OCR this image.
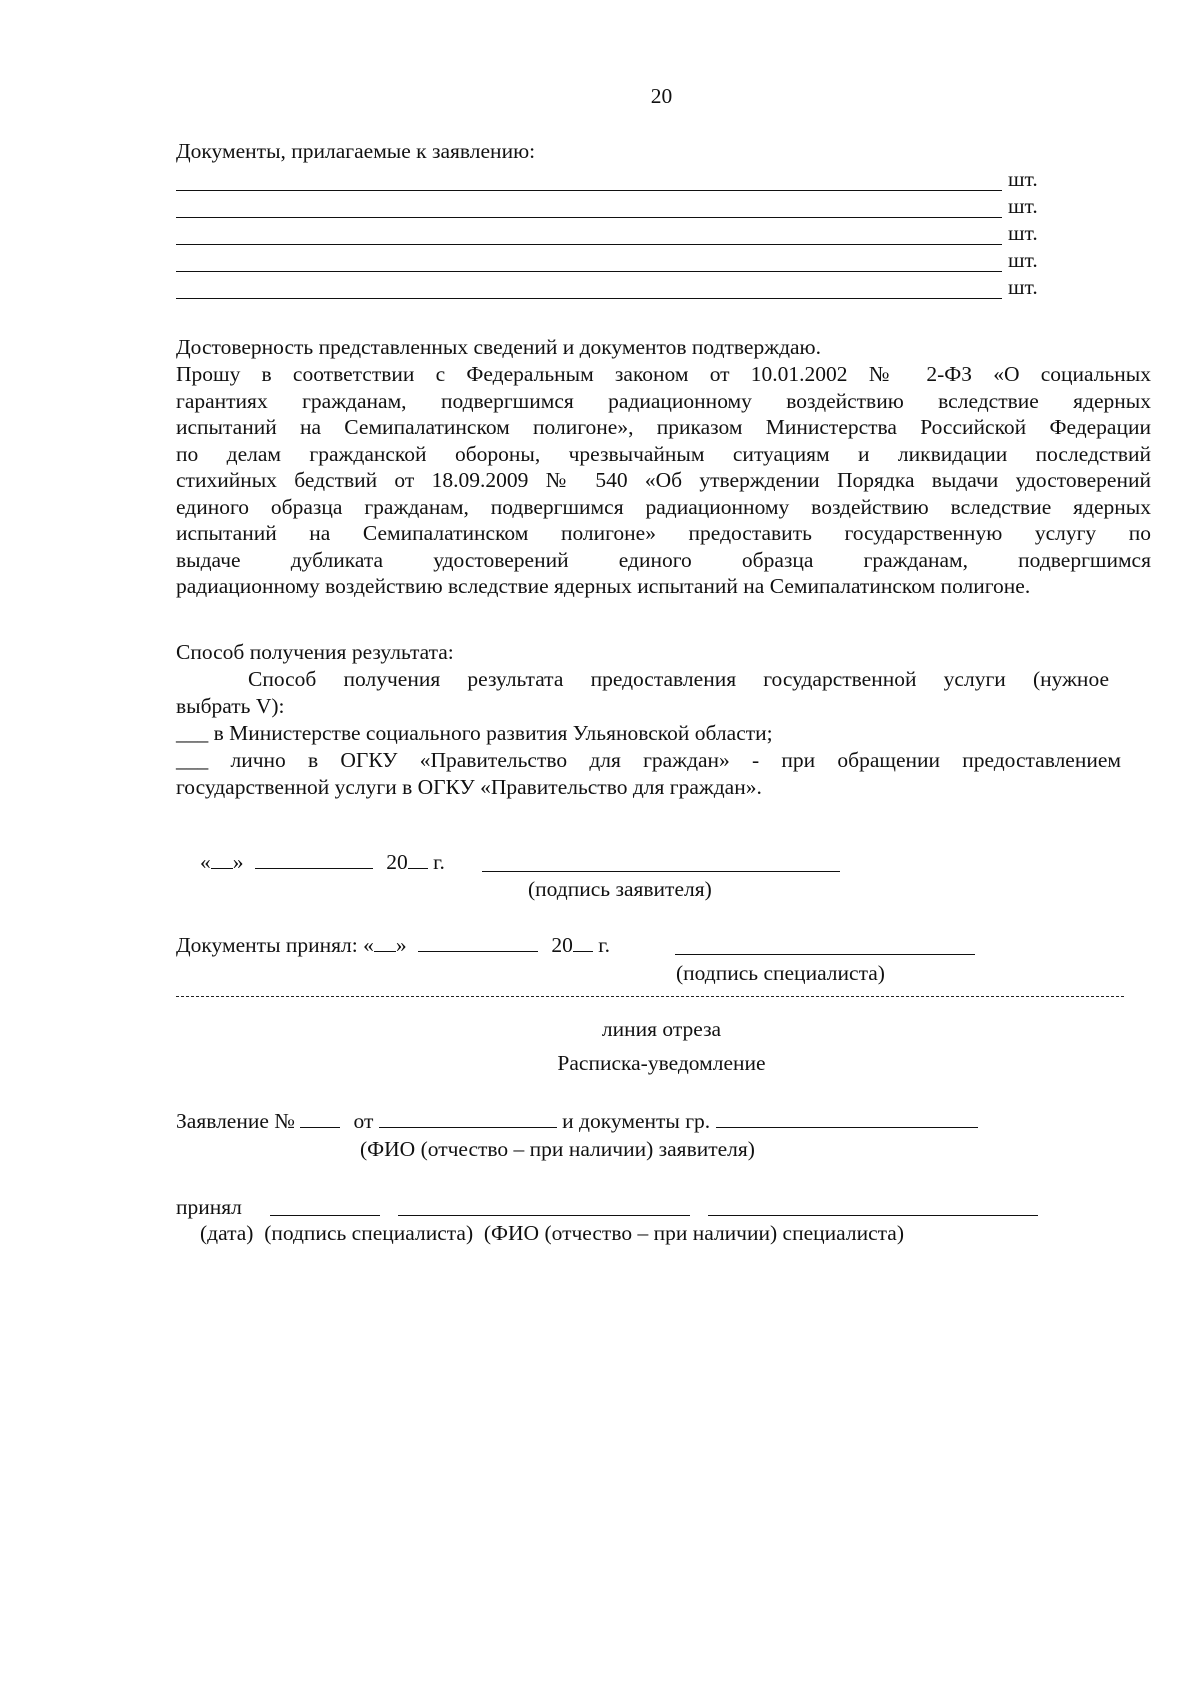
20
Документы, прилагаемые к заявлению:
шт.
шт.
шт.
шт.
шт.
Достоверность представленных сведений и документов подтверждаю.
Прошу в соответствии с Федеральным законом от 10.01.2002 № 2-ФЗ «О социальных
гарантиях гражданам, подвергшимся радиационному воздействию вследствие ядерных
испытаний на Семипалатинском полигоне», приказом Министерства Российской Федерации
по делам гражданской обороны, чрезвычайным ситуациям и ликвидации последствий
стихийных бедствий от 18.09.2009 № 540 «Об утверждении Порядка выдачи удостоверений
единого образца гражданам, подвергшимся радиационному воздействию вследствие ядерных
испытаний на Семипалатинском полигоне» предоставить государственную услугу по
выдаче дубликата удостоверений единого образца гражданам, подвергшимся
радиационному воздействию вследствие ядерных испытаний на Семипалатинском полигоне.
Способ получения результата:
Способ получения результата предоставления государственной услуги (нужное
выбрать V):
___ в Министерстве социального развития Ульяновской области;
___ лично в ОГКУ «Правительство для граждан» - при обращении предоставлением
государственной услуги в ОГКУ «Правительство для граждан».
« »	20 г.
(подпись заявителя)
Документы принял: « »	20 г.
(подпись специалиста)
линия отреза
Расписка-уведомление
Заявление №	от	и документы гр.
(ФИО (отчество – при наличии) заявителя)
принял
(дата)  (подпись специалиста)  (ФИО (отчество – при наличии) специалиста)
